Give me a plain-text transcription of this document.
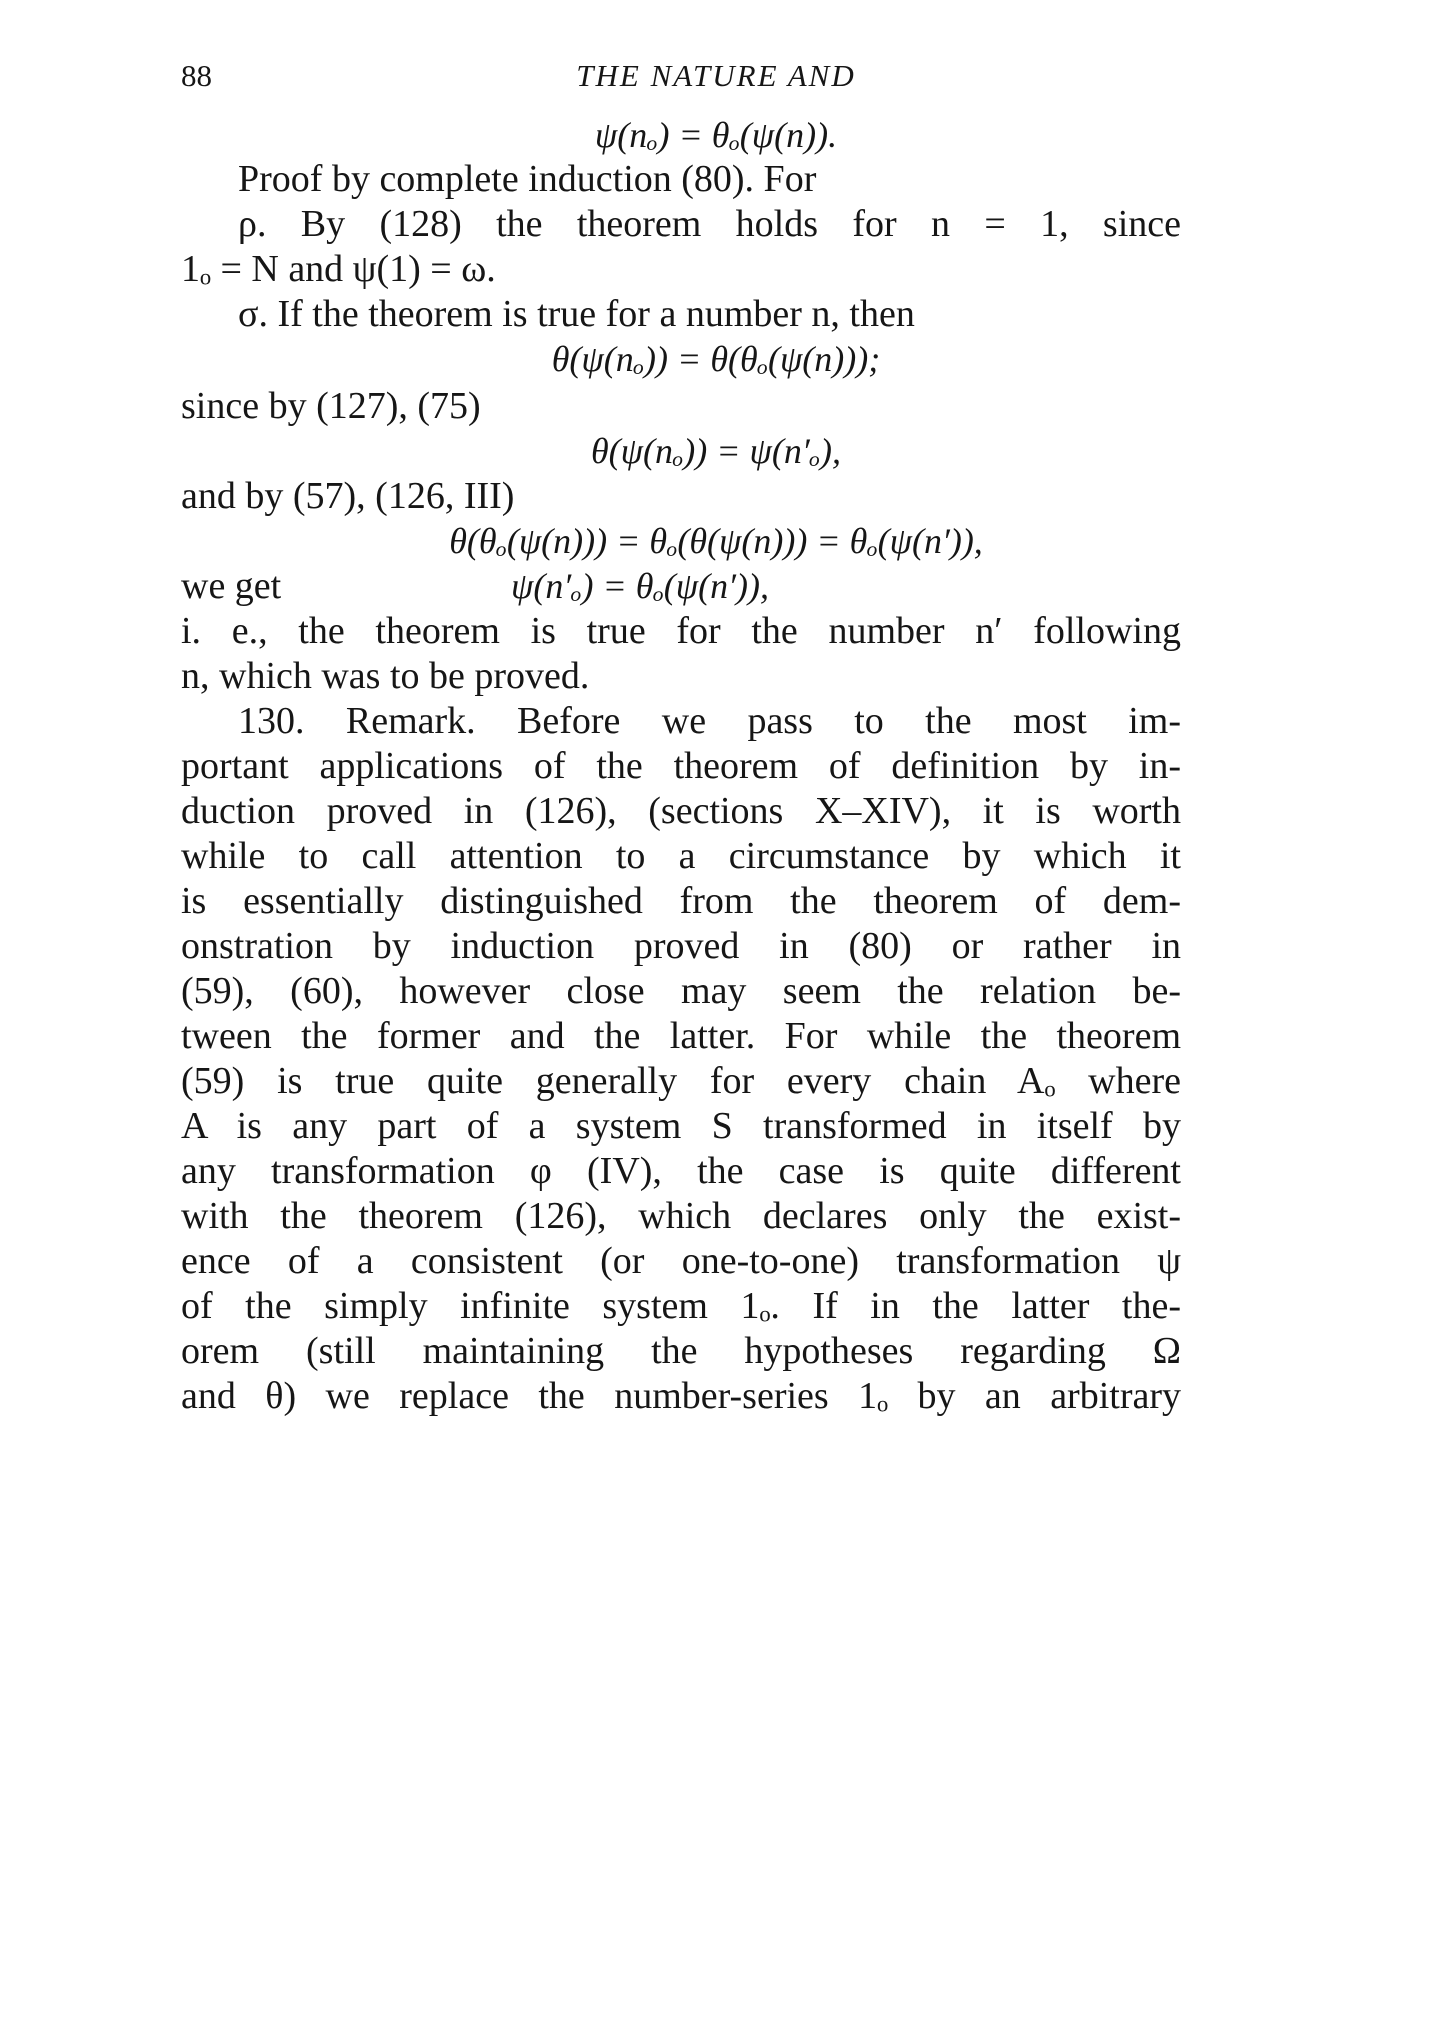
88	THE NATURE AND
ψ(nₒ) = θₒ(ψ(n)).
Proof by complete induction (80). For
ρ. By (128) the theorem holds for n = 1, since
1ₒ = N and ψ(1) = ω.
σ. If the theorem is true for a number n, then
θ(ψ(nₒ)) = θ(θₒ(ψ(n)));
since by (127), (75)
θ(ψ(nₒ)) = ψ(n′ₒ),
and by (57), (126, III)
θ(θₒ(ψ(n))) = θₒ(θ(ψ(n))) = θₒ(ψ(n′)),
we get	ψ(n′ₒ) = θₒ(ψ(n′)),
i. e., the theorem is true for the number n′ following
n, which was to be proved.
130. Remark. Before we pass to the most im-
portant applications of the theorem of definition by in-
duction proved in (126), (sections X–XIV), it is worth
while to call attention to a circumstance by which it
is essentially distinguished from the theorem of dem-
onstration by induction proved in (80) or rather in
(59), (60), however close may seem the relation be-
tween the former and the latter. For while the theorem
(59) is true quite generally for every chain Aₒ where
A is any part of a system S transformed in itself by
any transformation φ (IV), the case is quite different
with the theorem (126), which declares only the exist-
ence of a consistent (or one-to-one) transformation ψ
of the simply infinite system 1ₒ. If in the latter the-
orem (still maintaining the hypotheses regarding Ω
and θ) we replace the number-series 1ₒ by an arbitrary
